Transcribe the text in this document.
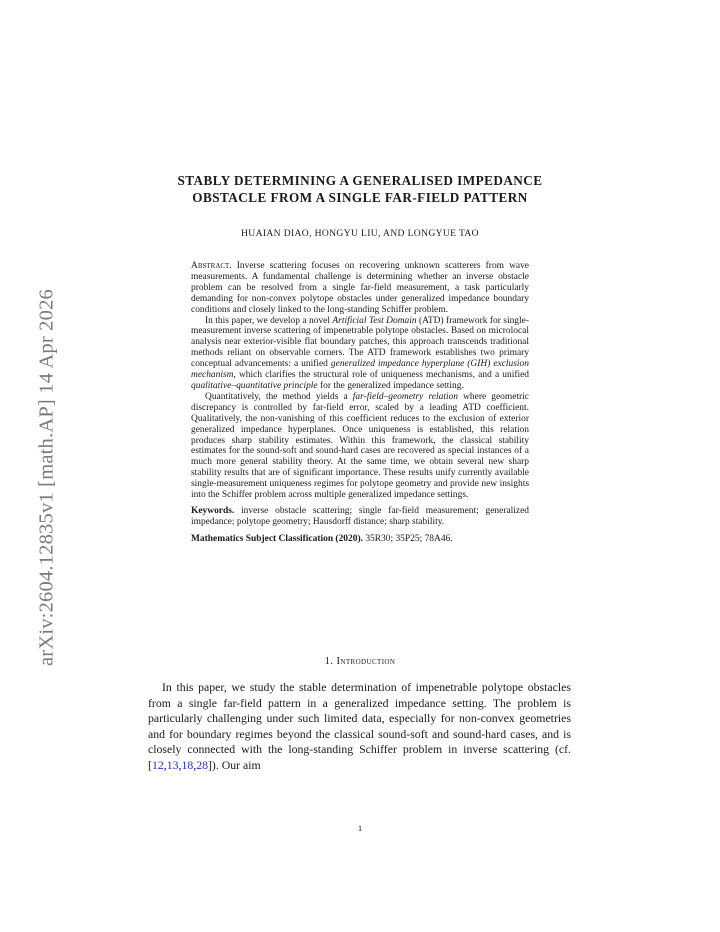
arXiv:2604.12835v1 [math.AP] 14 Apr 2026
STABLY DETERMINING A GENERALISED IMPEDANCE
OBSTACLE FROM A SINGLE FAR-FIELD PATTERN
HUAIAN DIAO, HONGYU LIU, AND LONGYUE TAO

Abstract. Inverse scattering focuses on recovering unknown scatterers from wave measurements. A fundamental challenge is determining whether an inverse obstacle problem can be resolved from a single far-field measurement, a task particularly demanding for non-convex polytope obstacles under generalized impedance boundary conditions and closely linked to the long-standing Schiffer problem.

In this paper, we develop a novel Artificial Test Domain (ATD) framework for single-measurement inverse scattering of impenetrable polytope obstacles. Based on microlocal analysis near exterior-visible flat boundary patches, this approach transcends traditional methods reliant on observable corners. The ATD framework establishes two primary conceptual advancements: a unified generalized impedance hyperplane (GIH) exclusion mechanism, which clarifies the structural role of uniqueness mechanisms, and a unified qualitative–quantitative principle for the generalized impedance setting.

Quantitatively, the method yields a far-field–geometry relation where geometric discrepancy is controlled by far-field error, scaled by a leading ATD coefficient. Qualitatively, the non-vanishing of this coefficient reduces to the exclusion of exterior generalized impedance hyperplanes. Once uniqueness is established, this relation produces sharp stability estimates. Within this framework, the classical stability estimates for the sound-soft and sound-hard cases are recovered as special instances of a much more general stability theory. At the same time, we obtain several new sharp stability results that are of significant importance. These results unify currently available single-measurement uniqueness regimes for polytope geometry and provide new insights into the Schiffer problem across multiple generalized impedance settings.

Keywords. inverse obstacle scattering; single far-field measurement; generalized impedance; polytope geometry; Hausdorff distance; sharp stability.

Mathematics Subject Classification (2020). 35R30; 35P25; 78A46.

1. Introduction
In this paper, we study the stable determination of impenetrable polytope obstacles from a single far-field pattern in a generalized impedance setting. The problem is particularly challenging under such limited data, especially for non-convex geometries and for boundary regimes beyond the classical sound-soft and sound-hard cases, and is closely connected with the long-standing Schiffer problem in inverse scattering (cf. [12,13,18,28]). Our aim
1
